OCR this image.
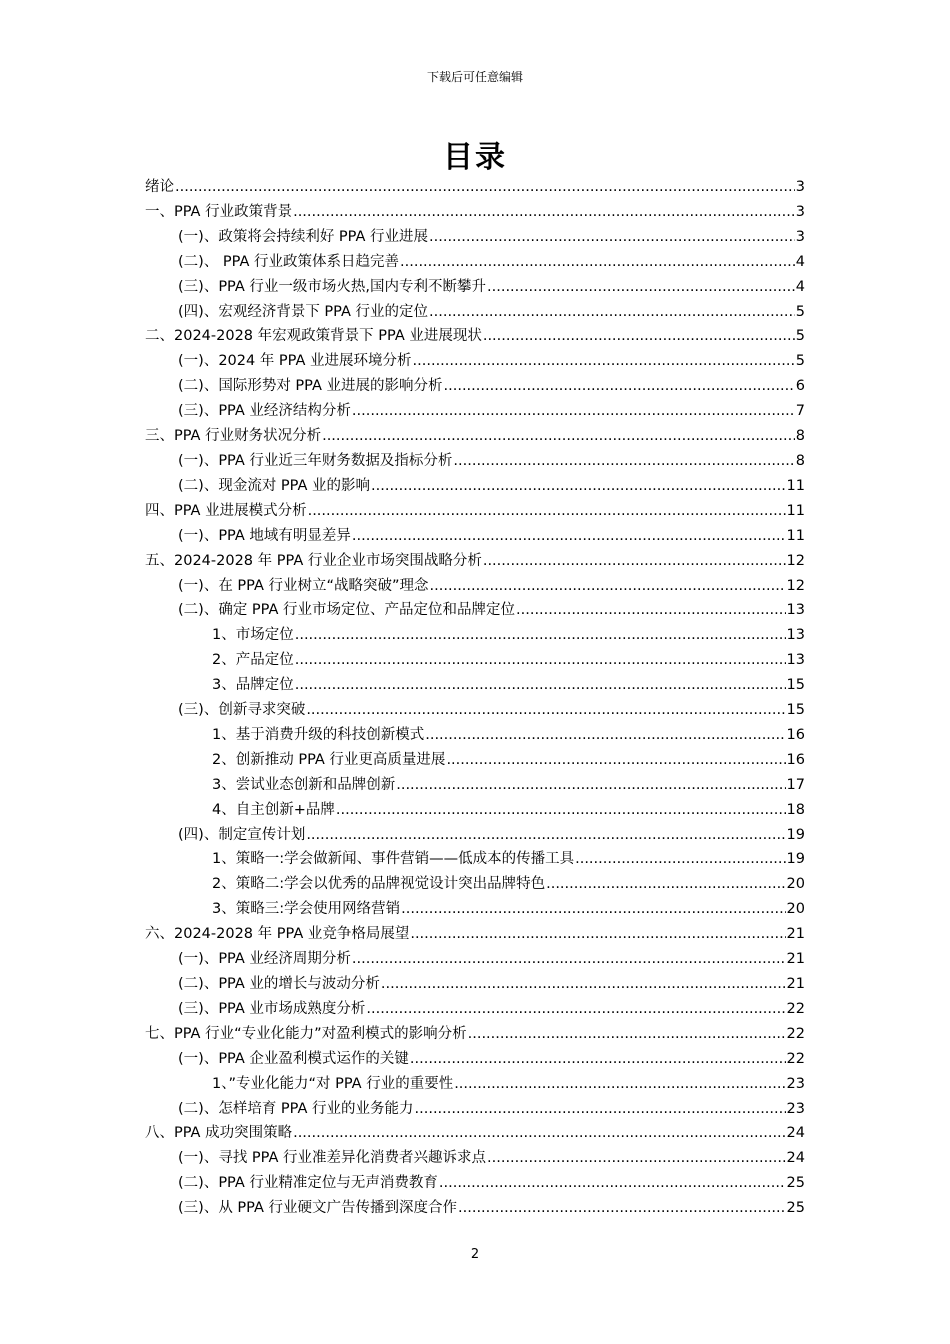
下载后可任意编辑
目录
绪论 .....	3
一、PPA 行业政策背景 .....	3
(一)、政策将会持续利好 PPA 行业进展 .....	3
(二)、 PPA 行业政策体系日趋完善 .....	4
(三)、PPA 行业一级市场火热,国内专利不断攀升 .....	4
(四)、宏观经济背景下 PPA 行业的定位 .....	5
二、2024-2028 年宏观政策背景下 PPA 业进展现状 .....	5
(一)、2024 年 PPA 业进展环境分析 .....	5
(二)、国际形势对 PPA 业进展的影响分析 .....	6
(三)、PPA 业经济结构分析 .....	7
三、PPA 行业财务状况分析 .....	8
(一)、PPA 行业近三年财务数据及指标分析 .....	8
(二)、现金流对 PPA 业的影响 .....	11
四、PPA 业进展模式分析 .....	11
(一)、PPA 地域有明显差异 .....	11
五、2024-2028 年 PPA 行业企业市场突围战略分析 .....	12
(一)、在 PPA 行业树立“战略突破”理念 .....	12
(二)、确定 PPA 行业市场定位、产品定位和品牌定位 .....	13
1、市场定位 .....	13
2、产品定位 .....	13
3、品牌定位 .....	15
(三)、创新寻求突破 .....	15
1、基于消费升级的科技创新模式 .....	16
2、创新推动 PPA 行业更高质量进展 .....	16
3、尝试业态创新和品牌创新 .....	17
4、自主创新+品牌 .....	18
(四)、制定宣传计划 .....	19
1、策略一:学会做新闻、事件营销——低成本的传播工具 .....	19
2、策略二:学会以优秀的品牌视觉设计突出品牌特色 .....	20
3、策略三:学会使用网络营销 .....	20
六、2024-2028 年 PPA 业竞争格局展望 .....	21
(一)、PPA 业经济周期分析 .....	21
(二)、PPA 业的增长与波动分析 .....	21
(三)、PPA 业市场成熟度分析 .....	22
七、PPA 行业“专业化能力”对盈利模式的影响分析 .....	22
(一)、PPA 企业盈利模式运作的关键 .....	22
1、”专业化能力“对 PPA 行业的重要性 .....	23
(二)、怎样培育 PPA 行业的业务能力 .....	23
八、PPA 成功突围策略 .....	24
(一)、寻找 PPA 行业准差异化消费者兴趣诉求点 .....	24
(二)、PPA 行业精准定位与无声消费教育 .....	25
(三)、从 PPA 行业硬文广告传播到深度合作 .....	25
2
